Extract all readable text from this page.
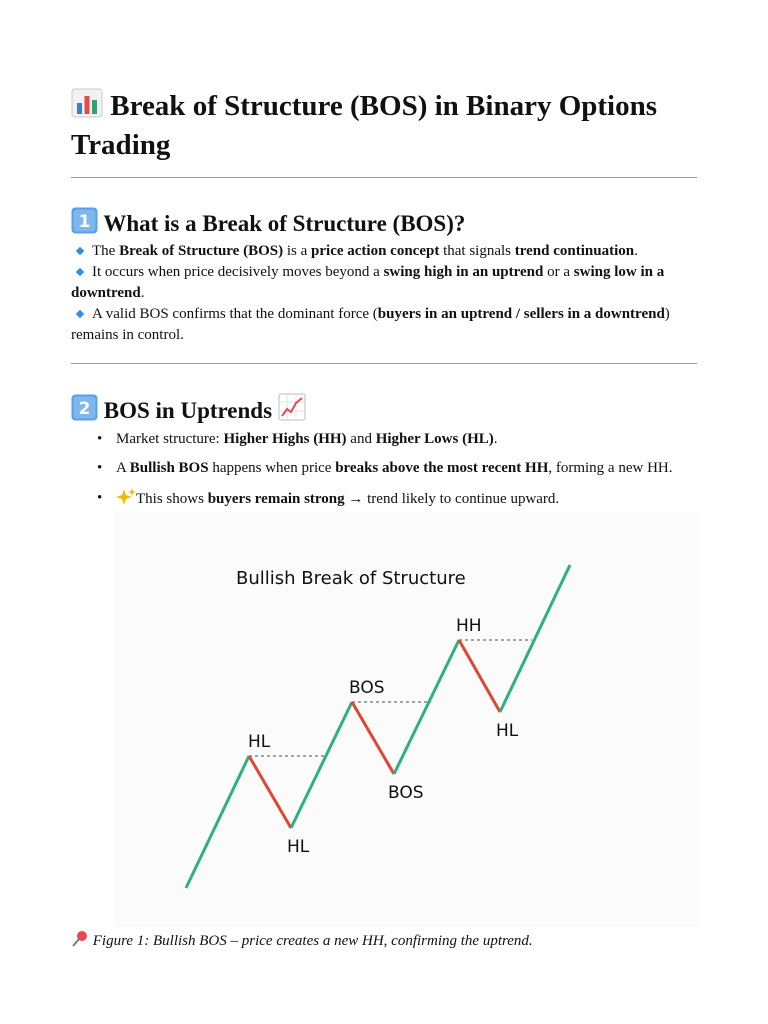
Break of Structure (BOS) in Binary Options Trading
1 What is a Break of Structure (BOS)?
The Break of Structure (BOS) is a price action concept that signals trend continuation.
It occurs when price decisively moves beyond a swing high in an uptrend or a swing low in a
downtrend.
A valid BOS confirms that the dominant force (buyers in an uptrend / sellers in a downtrend)
remains in control.
2 BOS in Uptrends
• Market structure: Higher Highs (HH) and Higher Lows (HL).
• A Bullish BOS happens when price breaks above the most recent HH, forming a new HH.
• This shows buyers remain strong → trend likely to continue upward.
Bullish Break of Structure
HL
HL
BOS
BOS
HH
HL
Figure 1: Bullish BOS – price creates a new HH, confirming the uptrend.
